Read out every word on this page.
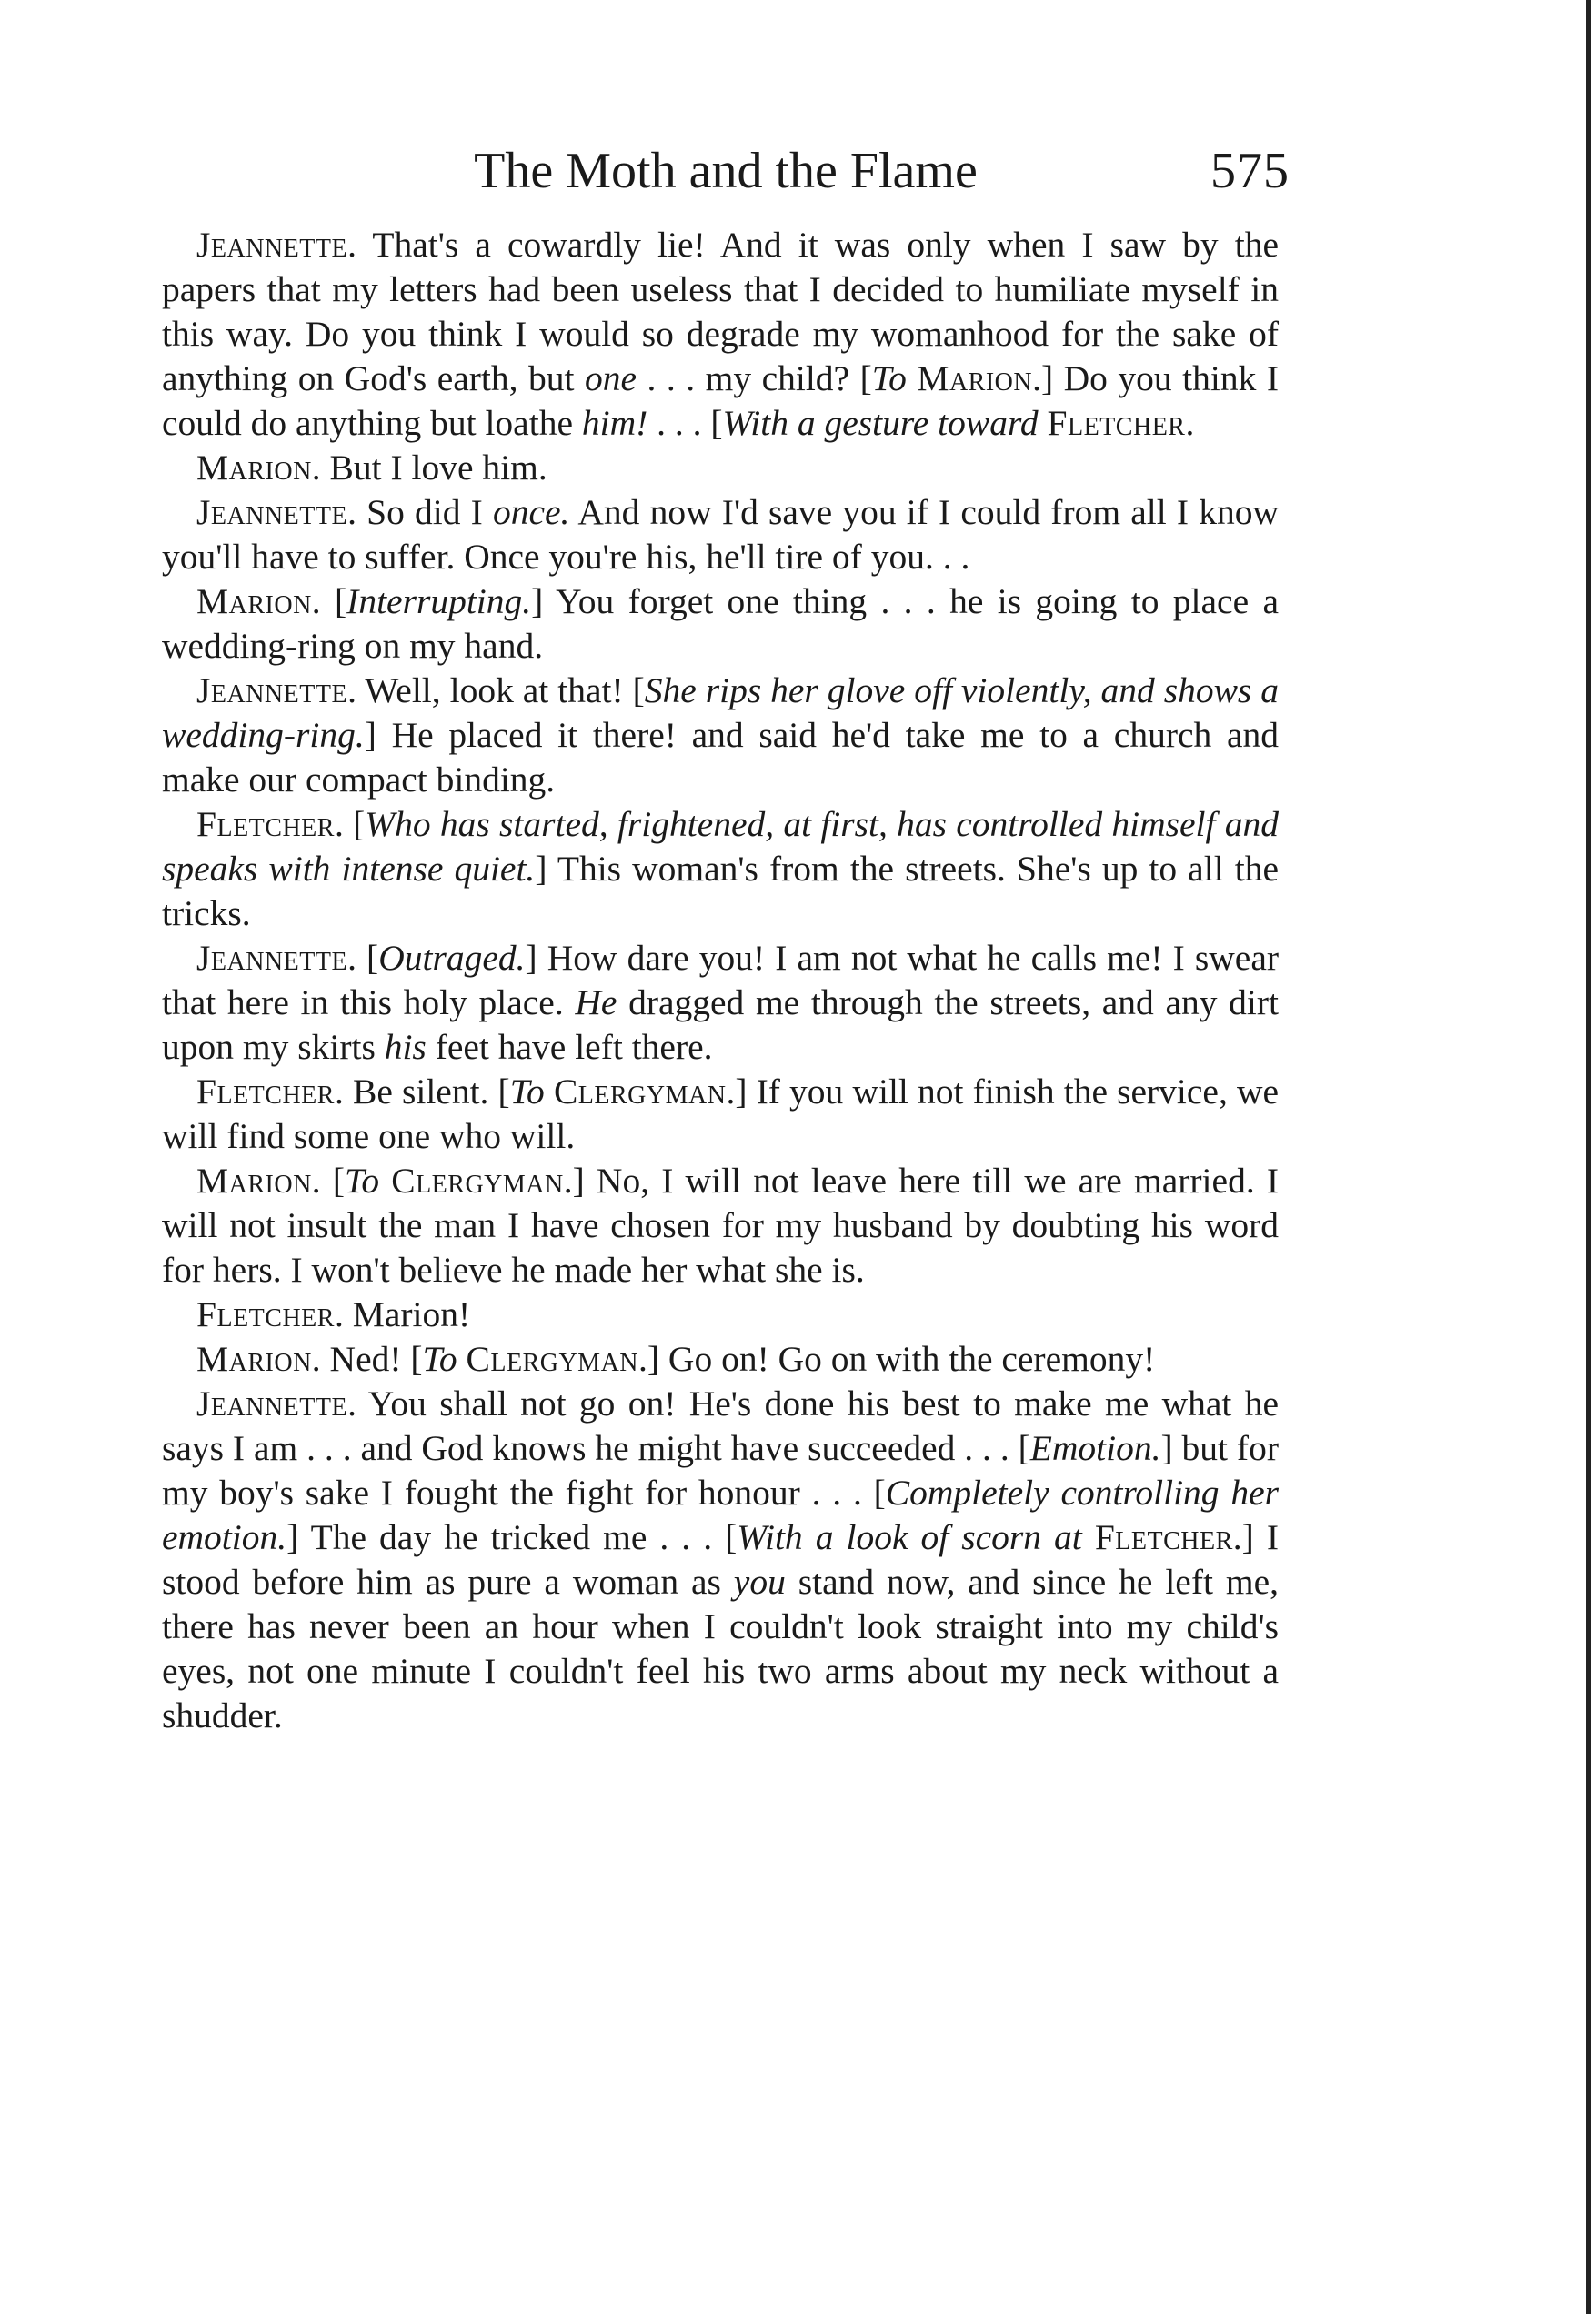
The Moth and the Flame	575

Jeannette. That's a cowardly lie! And it was only when I saw by the papers that my letters had been useless that I decided to humiliate myself in this way. Do you think I would so degrade my womanhood for the sake of anything on God's earth, but one . . . my child? [To Marion.] Do you think I could do anything but loathe him! . . . [With a gesture toward Fletcher.

Marion. But I love him.

Jeannette. So did I once. And now I'd save you if I could from all I know you'll have to suffer. Once you're his, he'll tire of you. . .

Marion. [Interrupting.] You forget one thing . . . he is going to place a wedding-ring on my hand.

Jeannette. Well, look at that! [She rips her glove off violently, and shows a wedding-ring.] He placed it there! and said he'd take me to a church and make our compact binding.

Fletcher. [Who has started, frightened, at first, has controlled himself and speaks with intense quiet.] This woman's from the streets. She's up to all the tricks.

Jeannette. [Outraged.] How dare you! I am not what he calls me! I swear that here in this holy place. He dragged me through the streets, and any dirt upon my skirts his feet have left there.

Fletcher. Be silent. [To Clergyman.] If you will not finish the service, we will find some one who will.

Marion. [To Clergyman.] No, I will not leave here till we are married. I will not insult the man I have chosen for my husband by doubting his word for hers. I won't believe he made her what she is.

Fletcher. Marion!

Marion. Ned! [To Clergyman.] Go on! Go on with the ceremony!

Jeannette. You shall not go on! He's done his best to make me what he says I am . . . and God knows he might have succeeded . . . [Emotion.] but for my boy's sake I fought the fight for honour . . . [Completely controlling her emotion.] The day he tricked me . . . [With a look of scorn at Fletcher.] I stood before him as pure a woman as you stand now, and since he left me, there has never been an hour when I couldn't look straight into my child's eyes, not one minute I couldn't feel his two arms about my neck without a shudder.
